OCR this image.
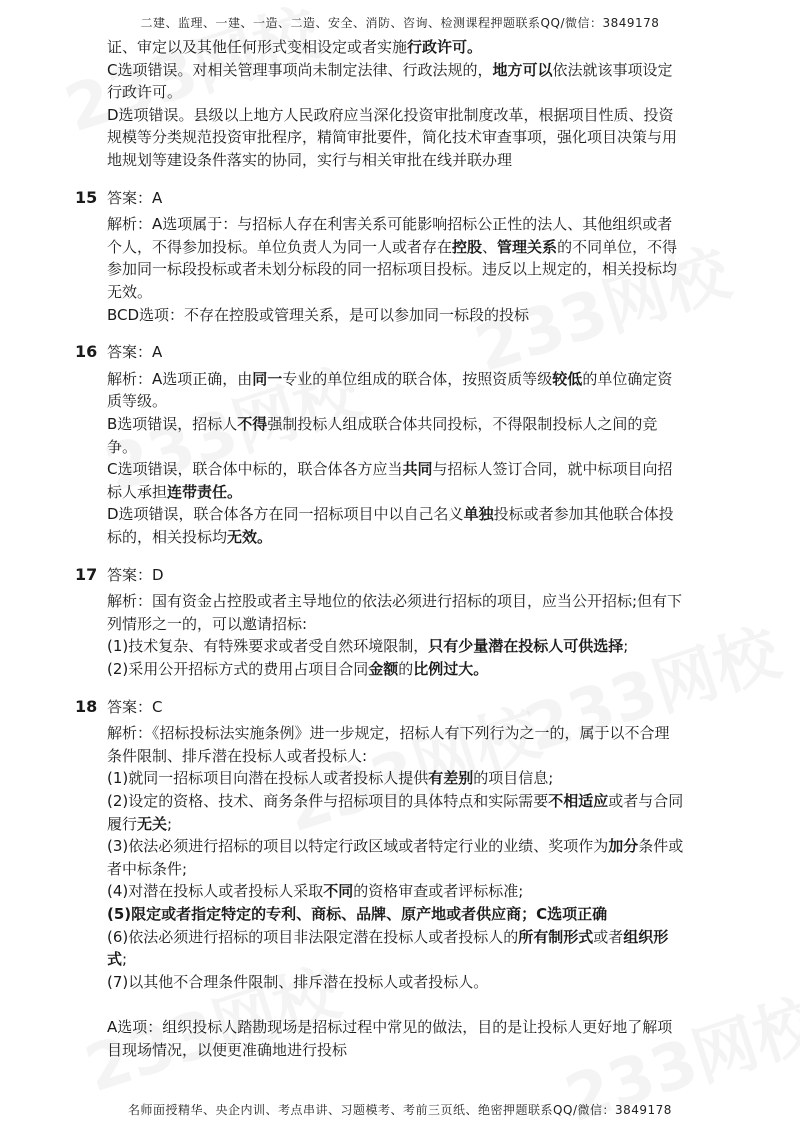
二建、监理、一建、一造、二造、安全、消防、咨询、检测课程押题联系QQ/微信：3849178
证、审定以及其他任何形式变相设定或者实施行政许可。
C选项错误。对相关管理事项尚未制定法律、行政法规的，地方可以依法就该事项设定
行政许可。
D选项错误。县级以上地方人民政府应当深化投资审批制度改革，根据项目性质、投资
规模等分类规范投资审批程序，精简审批要件，简化技术审查事项，强化项目决策与用
地规划等建设条件落实的协同，实行与相关审批在线并联办理
15 答案：A
解析：A选项属于：与招标人存在利害关系可能影响招标公正性的法人、其他组织或者
个人，不得参加投标。单位负责人为同一人或者存在控股、管理关系的不同单位，不得
参加同一标段投标或者未划分标段的同一招标项目投标。违反以上规定的，相关投标均
无效。
BCD选项：不存在控股或管理关系，是可以参加同一标段的投标
16 答案：A
解析：A选项正确，由同一专业的单位组成的联合体，按照资质等级较低的单位确定资
质等级。
B选项错误，招标人不得强制投标人组成联合体共同投标，不得限制投标人之间的竞
争。
C选项错误，联合体中标的，联合体各方应当共同与招标人签订合同，就中标项目向招
标人承担连带责任。
D选项错误，联合体各方在同一招标项目中以自己名义单独投标或者参加其他联合体投
标的，相关投标均无效。
17 答案：D
解析：国有资金占控股或者主导地位的依法必须进行招标的项目，应当公开招标;但有下
列情形之一的，可以邀请招标:
(1)技术复杂、有特殊要求或者受自然环境限制，只有少量潜在投标人可供选择;
(2)采用公开招标方式的费用占项目合同金额的比例过大。
18 答案：C
解析：《招标投标法实施条例》进一步规定，招标人有下列行为之一的，属于以不合理
条件限制、排斥潜在投标人或者投标人:
(1)就同一招标项目向潜在投标人或者投标人提供有差别的项目信息;
(2)设定的资格、技术、商务条件与招标项目的具体特点和实际需要不相适应或者与合同
履行无关;
(3)依法必须进行招标的项目以特定行政区域或者特定行业的业绩、奖项作为加分条件或
者中标条件;
(4)对潜在投标人或者投标人采取不同的资格审查或者评标标准;
(5)限定或者指定特定的专利、商标、品牌、原产地或者供应商；C选项正确
(6)依法必须进行招标的项目非法限定潜在投标人或者投标人的所有制形式或者组织形
式;
(7)以其他不合理条件限制、排斥潜在投标人或者投标人。
A选项：组织投标人踏勘现场是招标过程中常见的做法，目的是让投标人更好地了解项
目现场情况，以便更准确地进行投标
名师面授精华、央企内训、考点串讲、习题模考、考前三页纸、绝密押题联系QQ/微信：3849178
